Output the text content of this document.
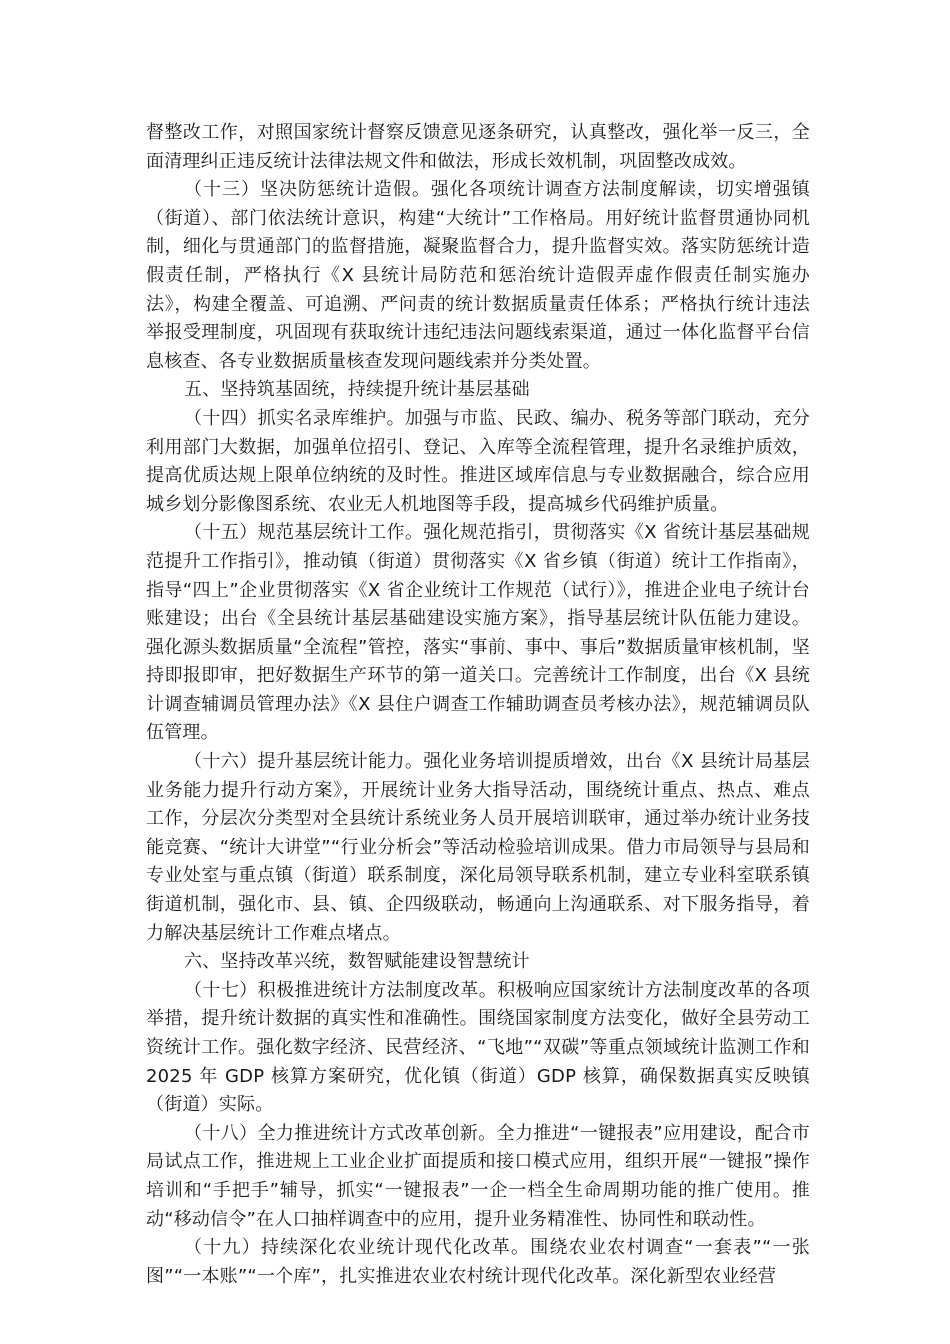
督整改工作，对照国家统计督察反馈意见逐条研究，认真整改，强化举一反三，全面清理纠正违反统计法律法规文件和做法，形成长效机制，巩固整改成效。

（十三）坚决防惩统计造假。强化各项统计调查方法制度解读，切实增强镇（街道）、部门依法统计意识，构建“大统计”工作格局。用好统计监督贯通协同机制，细化与贯通部门的监督措施，凝聚监督合力，提升监督实效。落实防惩统计造假责任制，严格执行《X 县统计局防范和惩治统计造假弄虚作假责任制实施办法》，构建全覆盖、可追溯、严问责的统计数据质量责任体系；严格执行统计违法举报受理制度，巩固现有获取统计违纪违法问题线索渠道，通过一体化监督平台信息核查、各专业数据质量核查发现问题线索并分类处置。

五、坚持筑基固统，持续提升统计基层基础

（十四）抓实名录库维护。加强与市监、民政、编办、税务等部门联动，充分利用部门大数据，加强单位招引、登记、入库等全流程管理，提升名录维护质效，提高优质达规上限单位纳统的及时性。推进区域库信息与专业数据融合，综合应用城乡划分影像图系统、农业无人机地图等手段，提高城乡代码维护质量。

（十五）规范基层统计工作。强化规范指引，贯彻落实《X 省统计基层基础规范提升工作指引》，推动镇（街道）贯彻落实《X 省乡镇（街道）统计工作指南》，指导“四上”企业贯彻落实《X 省企业统计工作规范（试行）》，推进企业电子统计台账建设；出台《全县统计基层基础建设实施方案》，指导基层统计队伍能力建设。强化源头数据质量“全流程”管控，落实“事前、事中、事后”数据质量审核机制，坚持即报即审，把好数据生产环节的第一道关口。完善统计工作制度，出台《X 县统计调查辅调员管理办法》《X 县住户调查工作辅助调查员考核办法》，规范辅调员队伍管理。

（十六）提升基层统计能力。强化业务培训提质增效，出台《X 县统计局基层业务能力提升行动方案》，开展统计业务大指导活动，围绕统计重点、热点、难点工作，分层次分类型对全县统计系统业务人员开展培训联审，通过举办统计业务技能竞赛、“统计大讲堂”“行业分析会”等活动检验培训成果。借力市局领导与县局和专业处室与重点镇（街道）联系制度，深化局领导联系机制，建立专业科室联系镇街道机制，强化市、县、镇、企四级联动，畅通向上沟通联系、对下服务指导，着力解决基层统计工作难点堵点。

六、坚持改革兴统，数智赋能建设智慧统计

（十七）积极推进统计方法制度改革。积极响应国家统计方法制度改革的各项举措，提升统计数据的真实性和准确性。围绕国家制度方法变化，做好全县劳动工资统计工作。强化数字经济、民营经济、“飞地”“双碳”等重点领域统计监测工作和 2025 年 GDP 核算方案研究，优化镇（街道）GDP 核算，确保数据真实反映镇（街道）实际。

（十八）全力推进统计方式改革创新。全力推进“一键报表”应用建设，配合市局试点工作，推进规上工业企业扩面提质和接口模式应用，组织开展“一键报”操作培训和“手把手”辅导，抓实“一键报表”一企一档全生命周期功能的推广使用。推动“移动信令”在人口抽样调查中的应用，提升业务精准性、协同性和联动性。

（十九）持续深化农业统计现代化改革。围绕农业农村调查“一套表”“一张图”“一本账”“一个库”，扎实推进农业农村统计现代化改革。深化新型农业经营
